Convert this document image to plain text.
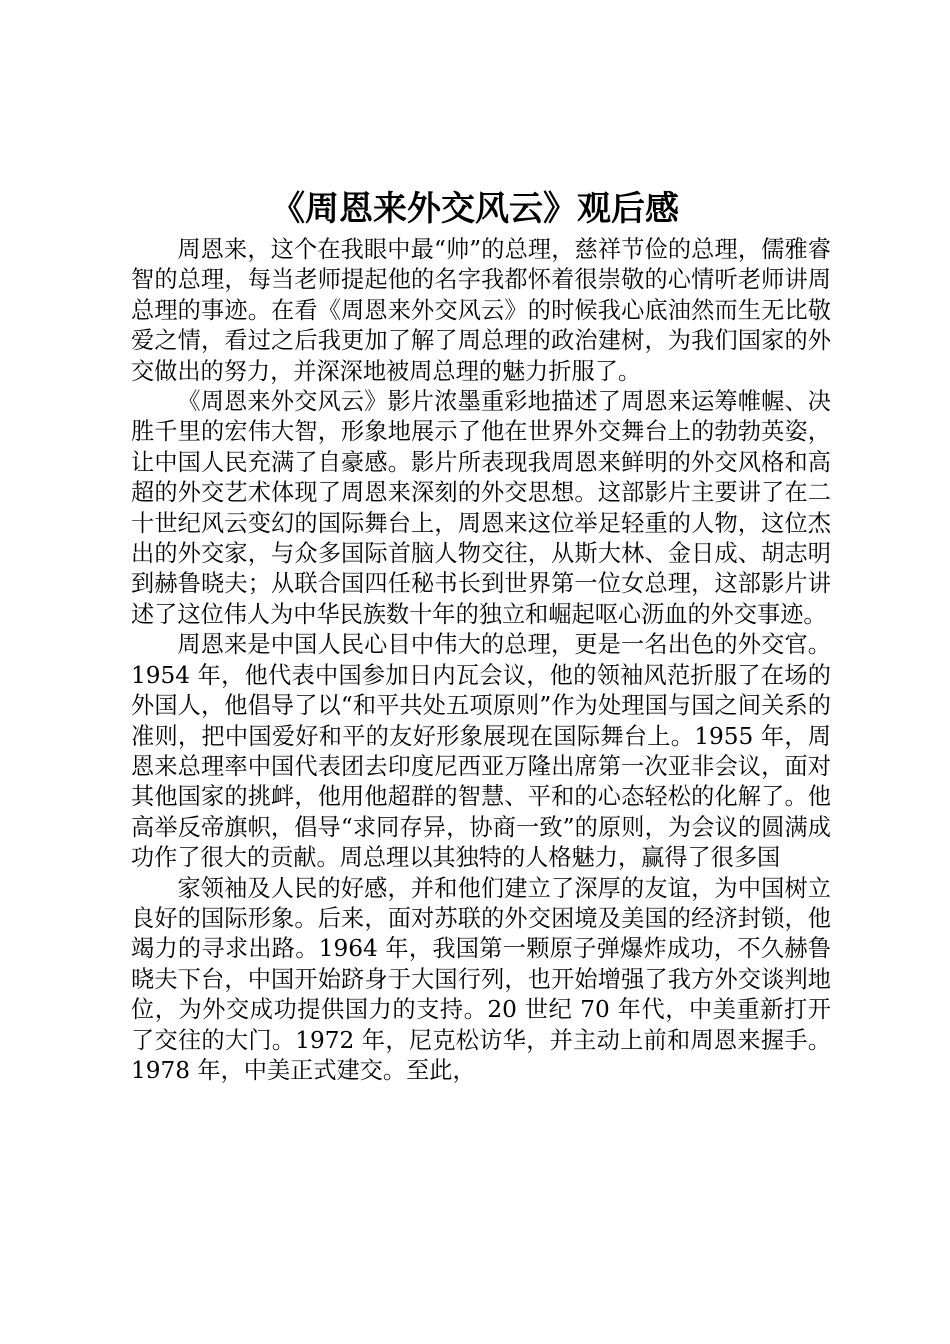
《周恩来外交风云》观后感

周恩来，这个在我眼中最“帅”的总理，慈祥节俭的总理，儒雅睿智的总理，每当老师提起他的名字我都怀着很崇敬的心情听老师讲周总理的事迹。在看《周恩来外交风云》的时候我心底油然而生无比敬爱之情，看过之后我更加了解了周总理的政治建树，为我们国家的外交做出的努力，并深深地被周总理的魅力折服了。

《周恩来外交风云》影片浓墨重彩地描述了周恩来运筹帷幄、决胜千里的宏伟大智，形象地展示了他在世界外交舞台上的勃勃英姿，让中国人民充满了自豪感。影片所表现我周恩来鲜明的外交风格和高超的外交艺术体现了周恩来深刻的外交思想。这部影片主要讲了在二十世纪风云变幻的国际舞台上，周恩来这位举足轻重的人物，这位杰出的外交家，与众多国际首脑人物交往，从斯大林、金日成、胡志明到赫鲁晓夫；从联合国四任秘书长到世界第一位女总理，这部影片讲述了这位伟人为中华民族数十年的独立和崛起呕心沥血的外交事迹。

周恩来是中国人民心目中伟大的总理，更是一名出色的外交官。1954 年，他代表中国参加日内瓦会议，他的领袖风范折服了在场的外国人，他倡导了以“和平共处五项原则”作为处理国与国之间关系的准则，把中国爱好和平的友好形象展现在国际舞台上。1955 年，周恩来总理率中国代表团去印度尼西亚万隆出席第一次亚非会议，面对其他国家的挑衅，他用他超群的智慧、平和的心态轻松的化解了。他高举反帝旗帜，倡导“求同存异，协商一致”的原则，为会议的圆满成功作了很大的贡献。周总理以其独特的人格魅力，赢得了很多国

家领袖及人民的好感，并和他们建立了深厚的友谊，为中国树立良好的国际形象。后来，面对苏联的外交困境及美国的经济封锁，他竭力的寻求出路。1964 年，我国第一颗原子弹爆炸成功，不久赫鲁晓夫下台，中国开始跻身于大国行列，也开始增强了我方外交谈判地位，为外交成功提供国力的支持。20 世纪 70 年代，中美重新打开了交往的大门。1972 年，尼克松访华，并主动上前和周恩来握手。1978 年，中美正式建交。至此，
